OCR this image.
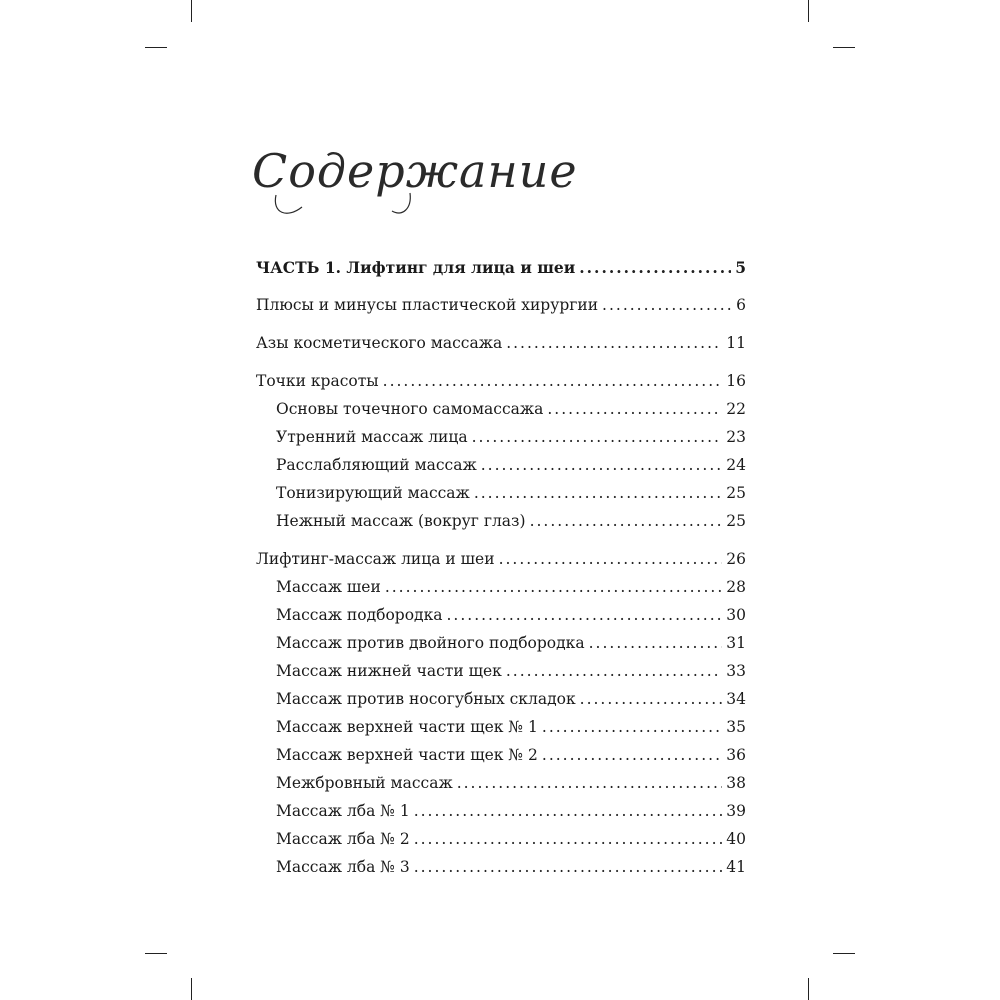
Содержание
ЧАСТЬ 1. Лифтинг для лица и шеи .....	5
Плюсы и минусы пластической хирургии .....	6
Азы косметического массажа .....	11
Точки красоты .....	16
Основы точечного самомассажа .....	22
Утренний массаж лица .....	23
Расслабляющий массаж .....	24
Тонизирующий массаж .....	25
Нежный массаж (вокруг глаз) .....	25
Лифтинг-массаж лица и шеи .....	26
Массаж шеи .....	28
Массаж подбородка .....	30
Массаж против двойного подбородка .....	31
Массаж нижней части щек .....	33
Массаж против носогубных складок .....	34
Массаж верхней части щек № 1 .....	35
Массаж верхней части щек № 2 .....	36
Межбровный массаж .....	38
Массаж лба № 1 .....	39
Массаж лба № 2 .....	40
Массаж лба № 3 .....	41
